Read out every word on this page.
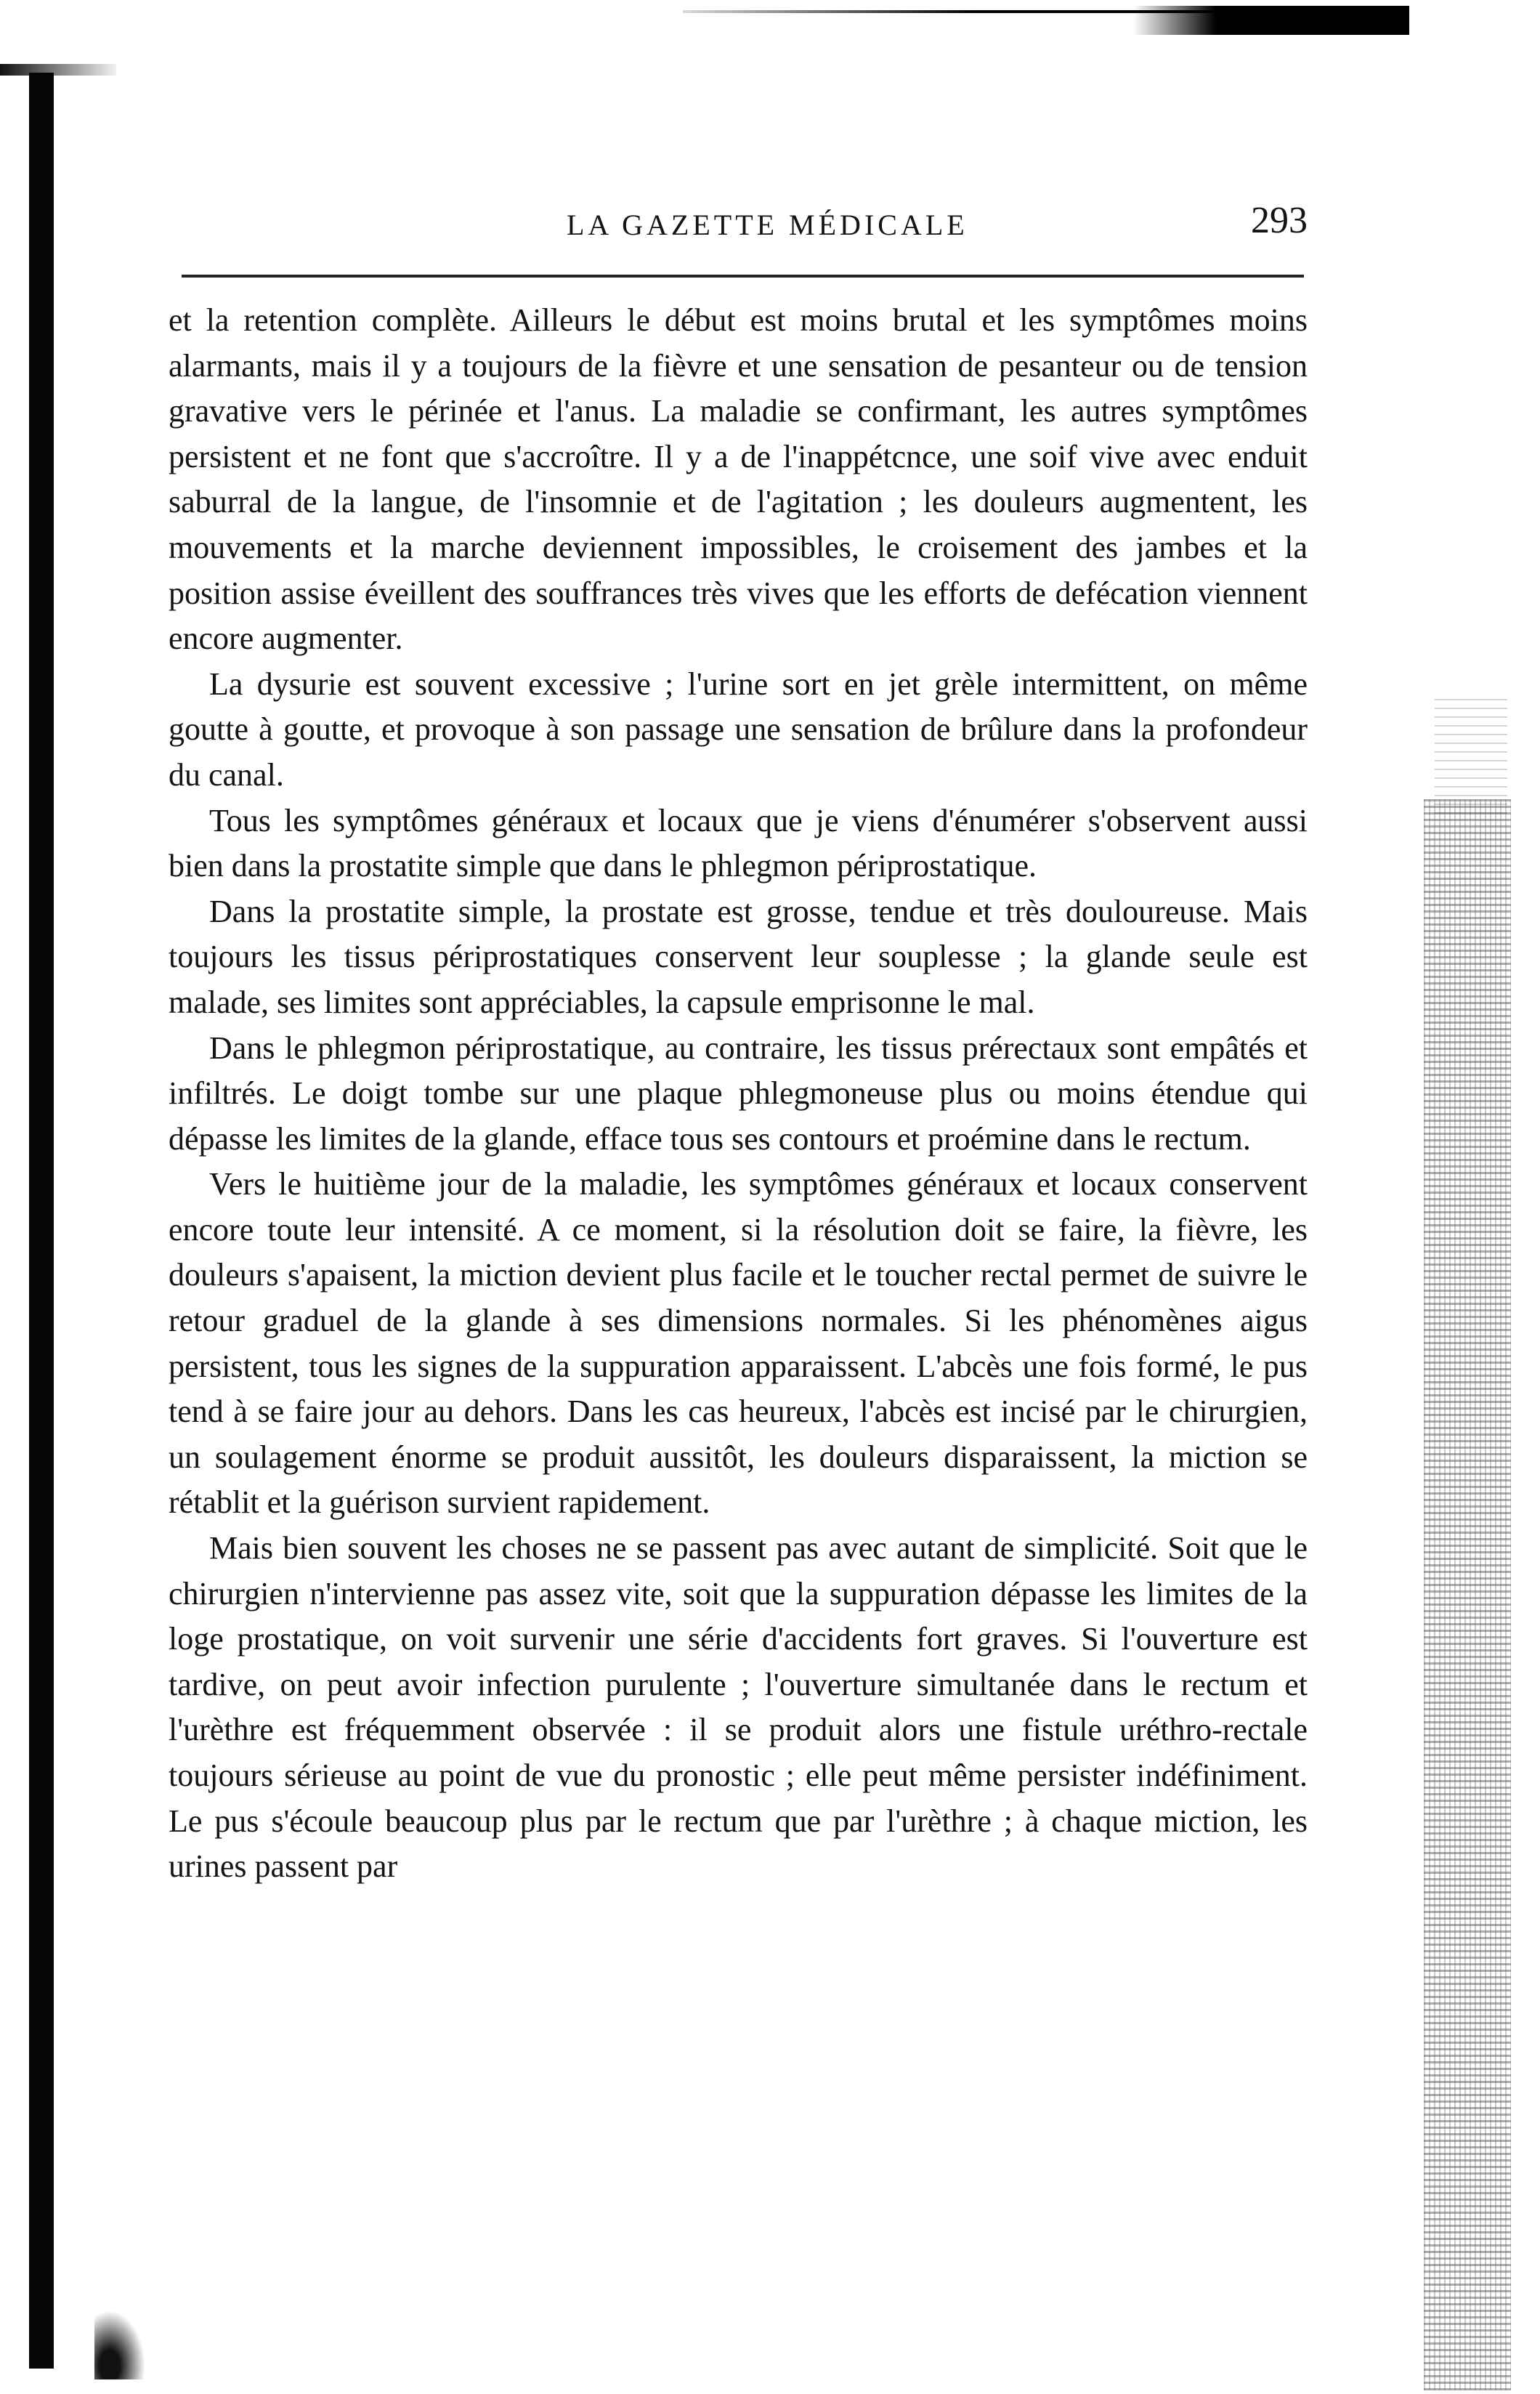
LA GAZETTE MÉDICALE	293

et la retention complète. Ailleurs le début est moins brutal et les symptômes moins alarmants, mais il y a toujours de la fièvre et une sensation de pesanteur ou de tension gravative vers le périnée et l'anus. La maladie se confirmant, les autres symptômes persistent et ne font que s'accroître. Il y a de l'inappétcnce, une soif vive avec enduit saburral de la langue, de l'insomnie et de l'agitation ; les douleurs augmentent, les mouvements et la marche deviennent impossibles, le croisement des jambes et la position assise éveillent des souffrances très vives que les efforts de defécation viennent encore augmenter.

La dysurie est souvent excessive ; l'urine sort en jet grèle intermittent, on même goutte à goutte, et provoque à son passage une sensation de brûlure dans la profondeur du canal.

Tous les symptômes généraux et locaux que je viens d'énumérer s'observent aussi bien dans la prostatite simple que dans le phlegmon périprostatique.

Dans la prostatite simple, la prostate est grosse, tendue et très douloureuse. Mais toujours les tissus périprostatiques conservent leur souplesse ; la glande seule est malade, ses limites sont appréciables, la capsule emprisonne le mal.

Dans le phlegmon périprostatique, au contraire, les tissus prérectaux sont empâtés et infiltrés. Le doigt tombe sur une plaque phlegmoneuse plus ou moins étendue qui dépasse les limites de la glande, efface tous ses contours et proémine dans le rectum.

Vers le huitième jour de la maladie, les symptômes généraux et locaux conservent encore toute leur intensité. A ce moment, si la résolution doit se faire, la fièvre, les douleurs s'apaisent, la miction devient plus facile et le toucher rectal permet de suivre le retour graduel de la glande à ses dimensions normales. Si les phénomènes aigus persistent, tous les signes de la suppuration apparaissent. L'abcès une fois formé, le pus tend à se faire jour au dehors. Dans les cas heureux, l'abcès est incisé par le chirurgien, un soulagement énorme se produit aussitôt, les douleurs disparaissent, la miction se rétablit et la guérison survient rapidement.

Mais bien souvent les choses ne se passent pas avec autant de simplicité. Soit que le chirurgien n'intervienne pas assez vite, soit que la suppuration dépasse les limites de la loge prostatique, on voit survenir une série d'accidents fort graves. Si l'ouverture est tardive, on peut avoir infection purulente ; l'ouverture simultanée dans le rectum et l'urèthre est fréquemment observée : il se produit alors une fistule uréthro-rectale toujours sérieuse au point de vue du pronostic ; elle peut même persister indéfiniment. Le pus s'écoule beaucoup plus par le rectum que par l'urèthre ; à chaque miction, les urines passent par
